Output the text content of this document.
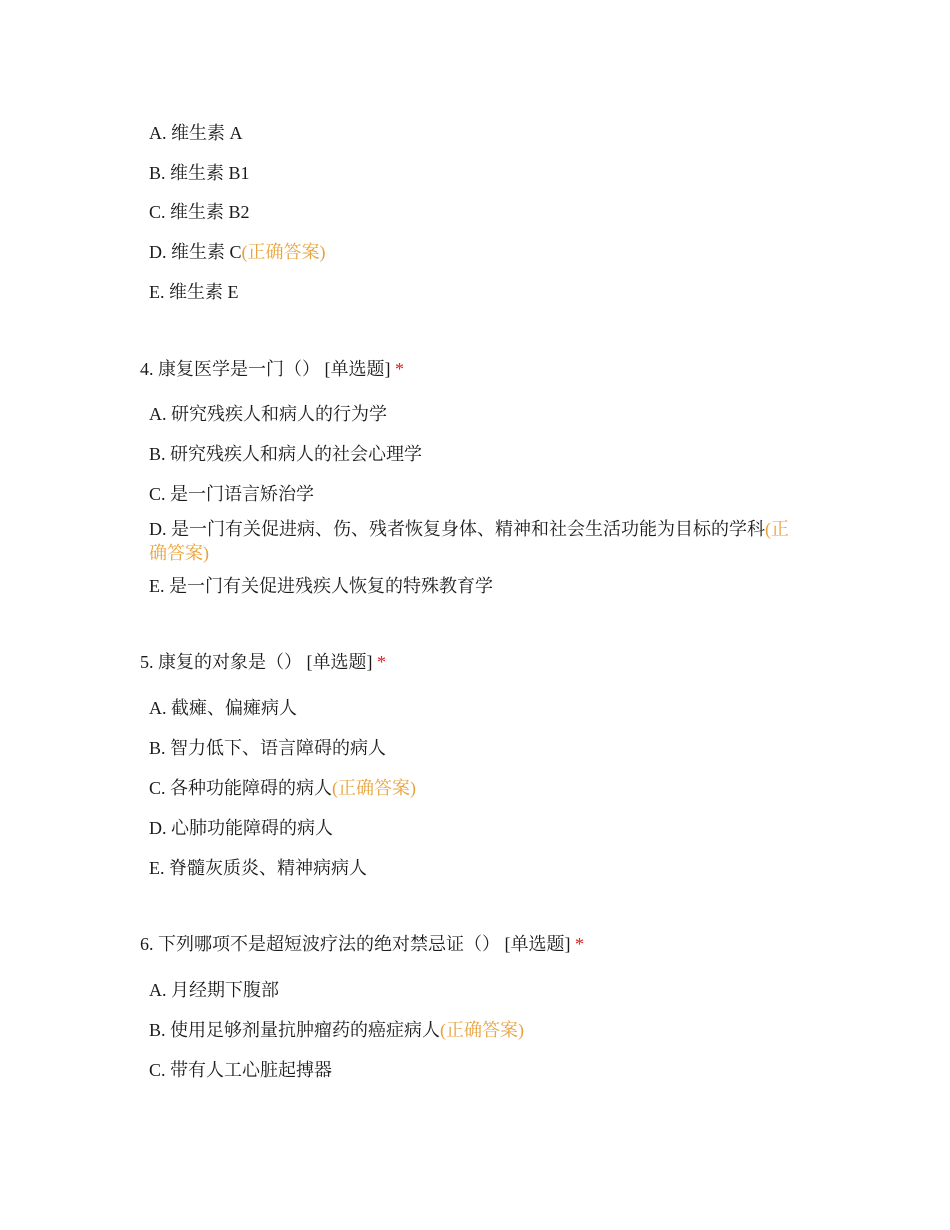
A. 维生素 A
B. 维生素 B1
C. 维生素 B2
D. 维生素 C(正确答案)
E. 维生素 E
4. 康复医学是一门（） [单选题] *
A. 研究残疾人和病人的行为学
B. 研究残疾人和病人的社会心理学
C. 是一门语言矫治学
D. 是一门有关促进病、伤、残者恢复身体、精神和社会生活功能为目标的学科(正确答案)
E. 是一门有关促进残疾人恢复的特殊教育学
5. 康复的对象是（） [单选题] *
A. 截瘫、偏瘫病人
B. 智力低下、语言障碍的病人
C. 各种功能障碍的病人(正确答案)
D. 心肺功能障碍的病人
E. 脊髓灰质炎、精神病病人
6. 下列哪项不是超短波疗法的绝对禁忌证（） [单选题] *
A. 月经期下腹部
B. 使用足够剂量抗肿瘤药的癌症病人(正确答案)
C. 带有人工心脏起搏器
